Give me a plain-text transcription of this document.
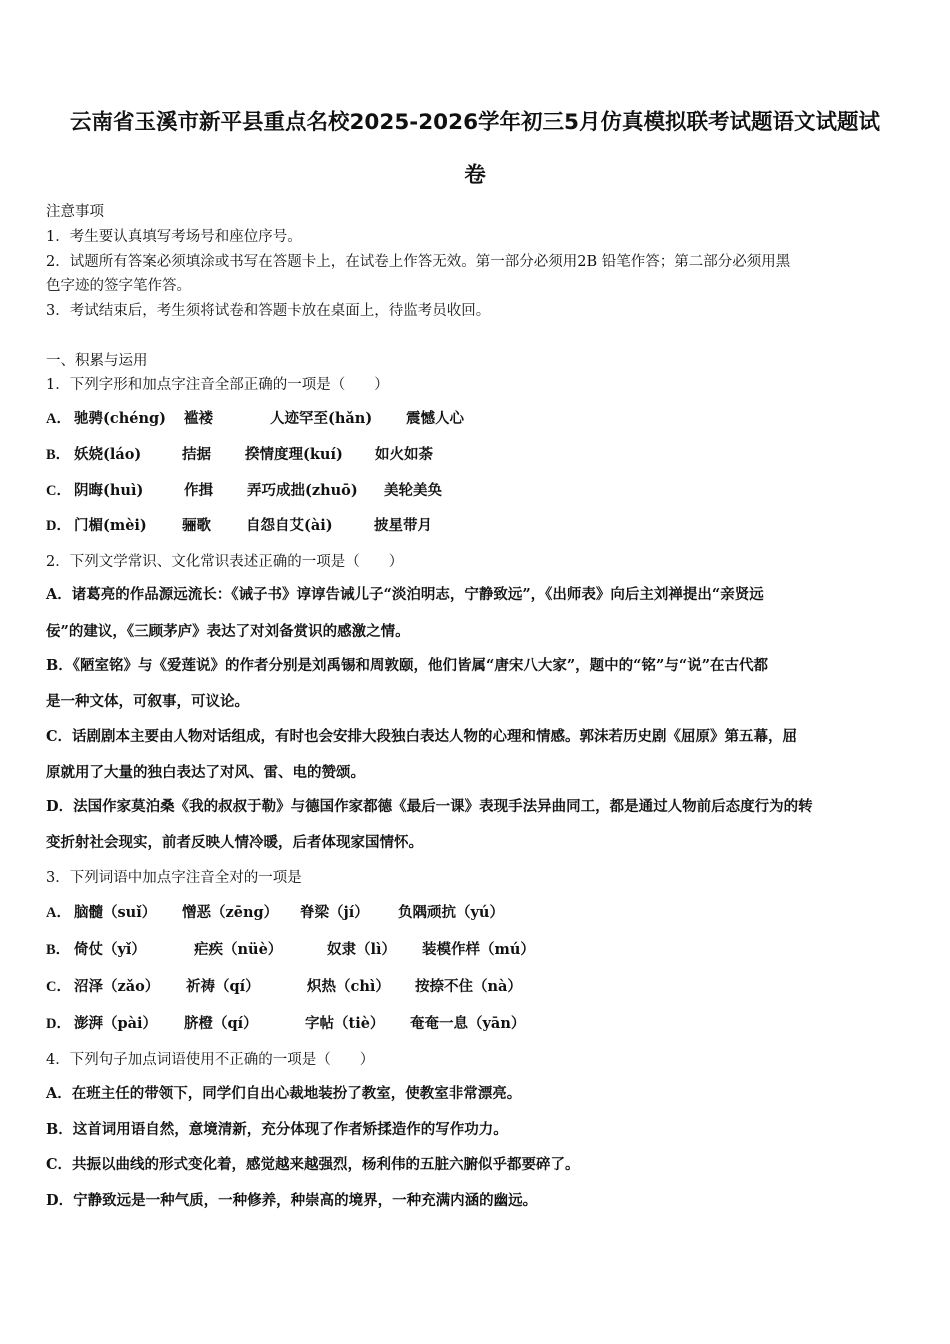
云南省玉溪市新平县重点名校2025-2026学年初三5月仿真模拟联考试题语文试题试
卷
注意事项
1．考生要认真填写考场号和座位序号。
2．试题所有答案必须填涂或书写在答题卡上，在试卷上作答无效。第一部分必须用2B 铅笔作答；第二部分必须用黑
色字迹的签字笔作答。
3．考试结束后，考生须将试卷和答题卡放在桌面上，待监考员收回。
一、积累与运用
1．下列字形和加点字注音全部正确的一项是（　　）
A． 驰骋(chéng) 褴褛	人迹罕至(hǎn) 震憾人心
B． 妖娆(láo)	拮据 揆情度理(kuí) 如火如荼
C． 阴晦(huì)	作揖 弄巧成拙(zhuō) 美轮美奂
D． 门楣(mèi) 骊歌 自怨自艾(ài)	披星带月
2．下列文学常识、文化常识表述正确的一项是（　　）
A．诸葛亮的作品源远流长：《诫子书》谆谆告诫儿子“淡泊明志，宁静致远”，《出师表》向后主刘禅提出“亲贤远
佞”的建议，《三顾茅庐》表达了对刘备赏识的感激之情。
B．《陋室铭》与《爱莲说》的作者分别是刘禹锡和周敦颐，他们皆属“唐宋八大家”，题中的“铭”与“说”在古代都
是一种文体，可叙事，可议论。
C．话剧剧本主要由人物对话组成，有时也会安排大段独白表达人物的心理和情感。郭沫若历史剧《屈原》第五幕，屈
原就用了大量的独白表达了对风、雷、电的赞颂。
D．法国作家莫泊桑《我的叔叔于勒》与德国作家都德《最后一课》表现手法异曲同工，都是通过人物前后态度行为的转
变折射社会现实，前者反映人情冷暖，后者体现家国情怀。
3．下列词语中加点字注音全对的一项是
A． 脑髓（suǐ） 憎恶（zēng） 脊梁（jí） 负隅顽抗（yú）
B． 倚仗（yǐ）	疟疾（nüè）	奴隶（lì） 装模作样（mú）
C． 沼泽（zǎo） 祈祷（qí）	炽热（chì） 按捺不住（nà）
D． 澎湃（pài） 脐橙（qí）	字帖（tiè） 奄奄一息（yān）
4．下列句子加点词语使用不正确的一项是（　　）
A．在班主任的带领下，同学们自出心裁地装扮了教室，使教室非常漂亮。
B．这首词用语自然，意境清新，充分体现了作者矫揉造作的写作功力。
C．共振以曲线的形式变化着，感觉越来越强烈，杨利伟的五脏六腑似乎都要碎了。
D．宁静致远是一种气质，一种修养，种崇高的境界，一种充满内涵的幽远。
